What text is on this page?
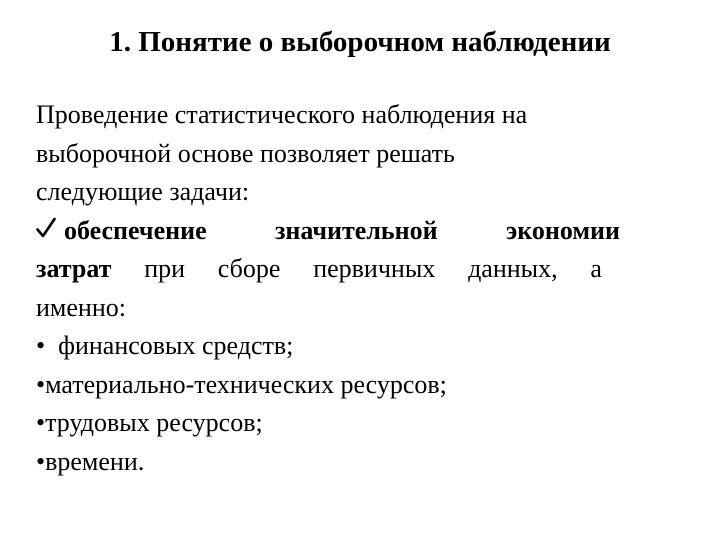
1. Понятие о выборочном наблюдении
Проведение статистического наблюдения на
выборочной основе позволяет решать
следующие задачи:
обеспечение	значительной	экономии
затрат при сборе первичных данных, а
именно:
•  финансовых средств;
•материально-технических ресурсов;
•трудовых ресурсов;
•времени.
